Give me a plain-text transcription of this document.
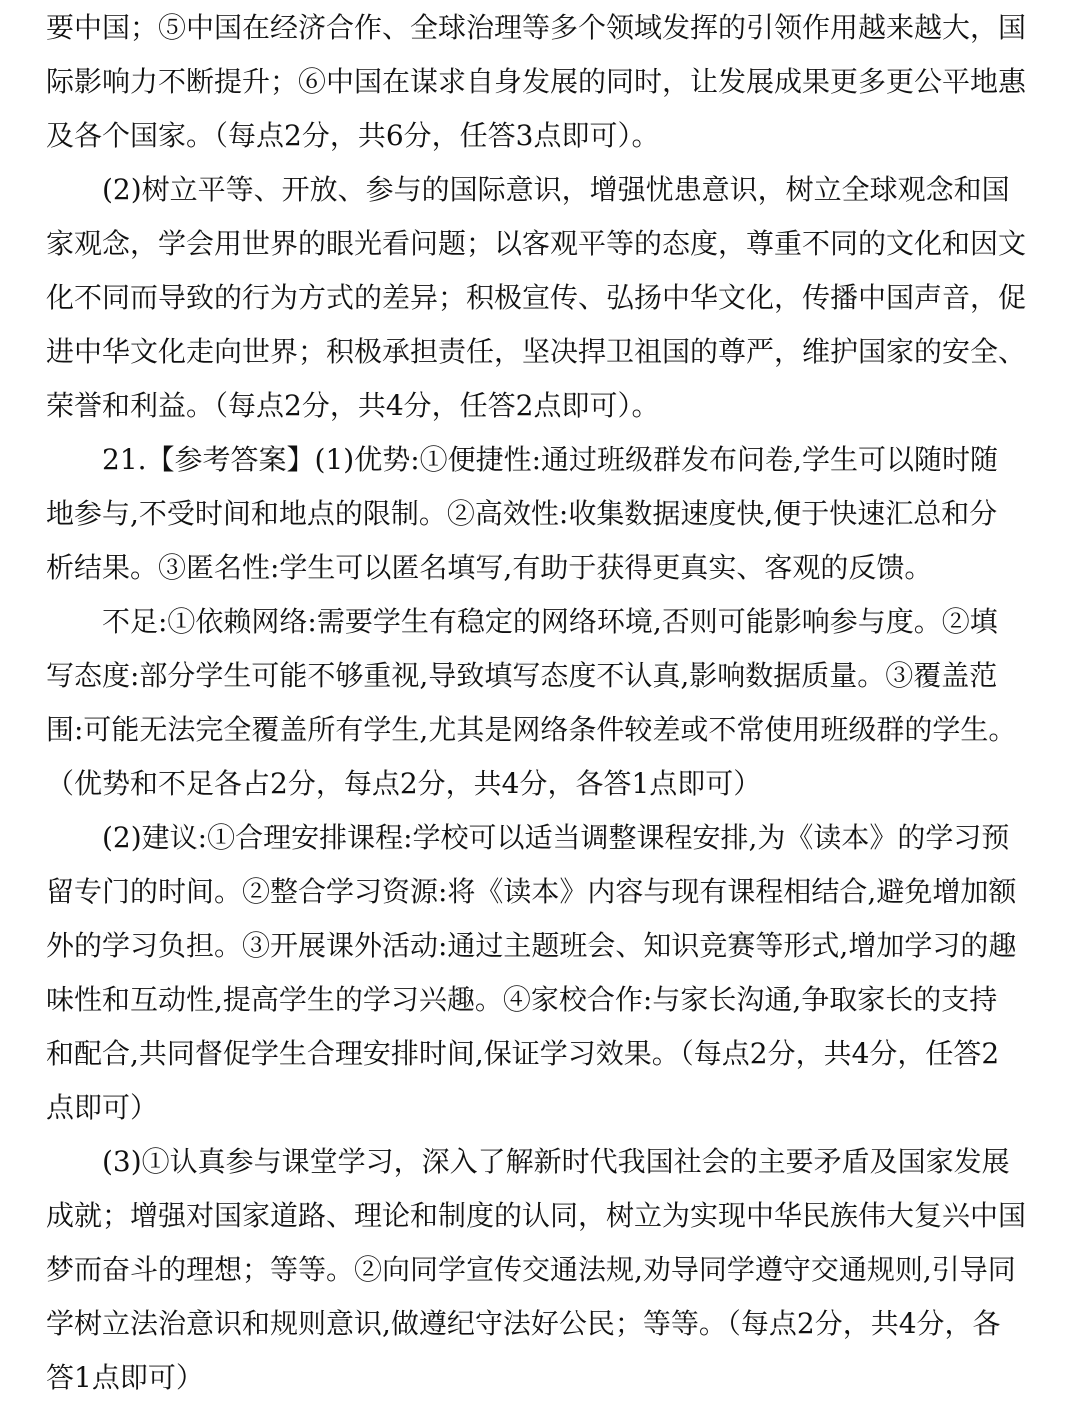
要中国；⑤中国在经济合作、全球治理等多个领域发挥的引领作用越来越大，国
际影响力不断提升；⑥中国在谋求自身发展的同时，让发展成果更多更公平地惠
及各个国家。（每点2分，共6分，任答3点即可）。
(2)树立平等、开放、参与的国际意识，增强忧患意识，树立全球观念和国
家观念，学会用世界的眼光看问题；以客观平等的态度，尊重不同的文化和因文
化不同而导致的行为方式的差异；积极宣传、弘扬中华文化，传播中国声音，促
进中华文化走向世界；积极承担责任，坚决捍卫祖国的尊严，维护国家的安全、
荣誉和利益。（每点2分，共4分，任答2点即可）。
21.【参考答案】(1)优势:①便捷性:通过班级群发布问卷,学生可以随时随
地参与,不受时间和地点的限制。②高效性:收集数据速度快,便于快速汇总和分
析结果。③匿名性:学生可以匿名填写,有助于获得更真实、客观的反馈。
不足:①依赖网络:需要学生有稳定的网络环境,否则可能影响参与度。②填
写态度:部分学生可能不够重视,导致填写态度不认真,影响数据质量。③覆盖范
围:可能无法完全覆盖所有学生,尤其是网络条件较差或不常使用班级群的学生。
（优势和不足各占2分，每点2分，共4分，各答1点即可）
(2)建议:①合理安排课程:学校可以适当调整课程安排,为《读本》的学习预
留专门的时间。②整合学习资源:将《读本》内容与现有课程相结合,避免增加额
外的学习负担。③开展课外活动:通过主题班会、知识竞赛等形式,增加学习的趣
味性和互动性,提高学生的学习兴趣。④家校合作:与家长沟通,争取家长的支持
和配合,共同督促学生合理安排时间,保证学习效果。（每点2分，共4分，任答2
点即可）
(3)①认真参与课堂学习，深入了解新时代我国社会的主要矛盾及国家发展
成就；增强对国家道路、理论和制度的认同，树立为实现中华民族伟大复兴中国
梦而奋斗的理想；等等。②向同学宣传交通法规,劝导同学遵守交通规则,引导同
学树立法治意识和规则意识,做遵纪守法好公民；等等。（每点2分，共4分，各
答1点即可）
